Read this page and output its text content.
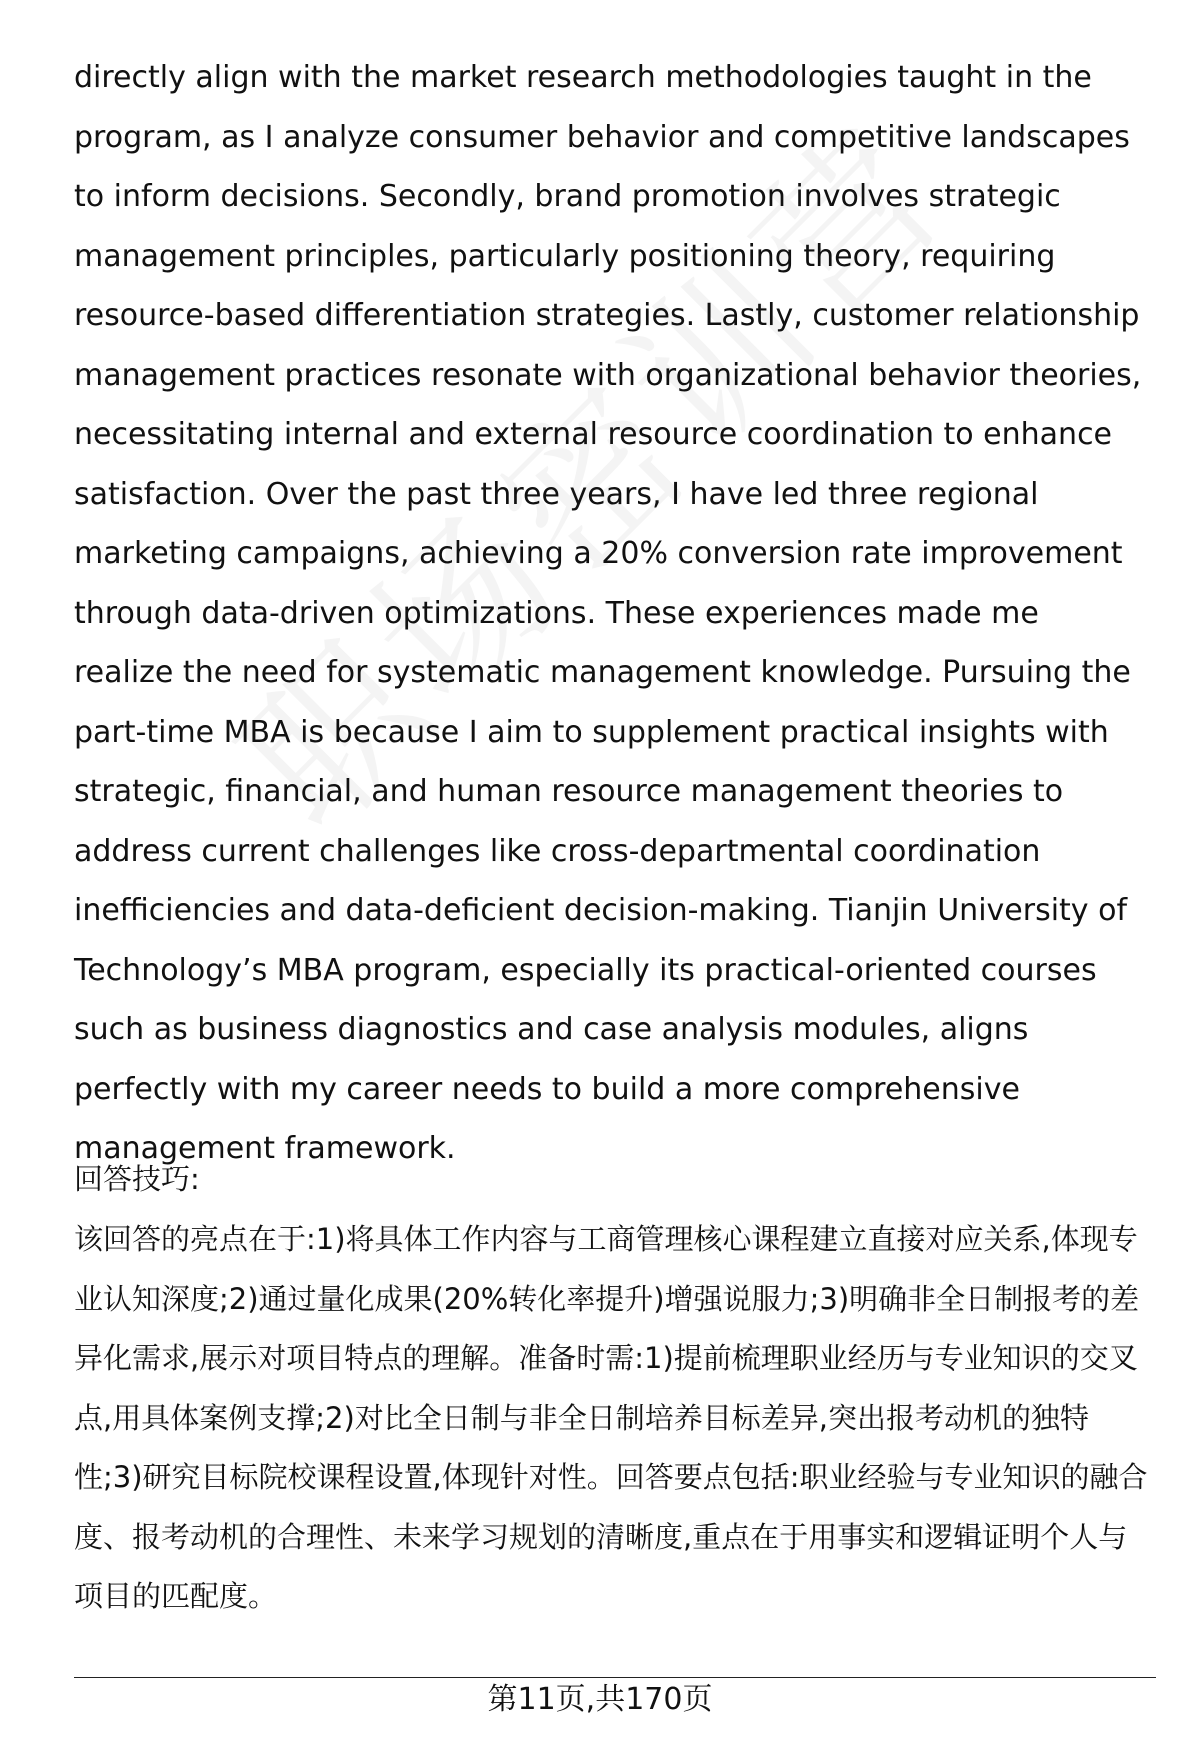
directly align with the market research methodologies taught in the program, as I analyze consumer behavior and competitive landscapes to inform decisions. Secondly, brand promotion involves strategic management principles, particularly positioning theory, requiring resource-based differentiation strategies. Lastly, customer relationship management practices resonate with organizational behavior theories, necessitating internal and external resource coordination to enhance satisfaction. Over the past three years, I have led three regional marketing campaigns, achieving a 20% conversion rate improvement through data-driven optimizations. These experiences made me realize the need for systematic management knowledge. Pursuing the part-time MBA is because I aim to supplement practical insights with strategic, financial, and human resource management theories to address current challenges like cross-departmental coordination inefficiencies and data-deficient decision-making. Tianjin University of Technology’s MBA program, especially its practical-oriented courses such as business diagnostics and case analysis modules, aligns perfectly with my career needs to build a more comprehensive management framework.

回答技巧:

该回答的亮点在于:1)将具体工作内容与工商管理核心课程建立直接对应关系,体现专业认知深度;2)通过量化成果(20%转化率提升)增强说服力;3)明确非全日制报考的差异化需求,展示对项目特点的理解。准备时需:1)提前梳理职业经历与专业知识的交叉点,用具体案例支撑;2)对比全日制与非全日制培养目标差异,突出报考动机的独特性;3)研究目标院校课程设置,体现针对性。回答要点包括:职业经验与专业知识的融合度、报考动机的合理性、未来学习规划的清晰度,重点在于用事实和逻辑证明个人与项目的匹配度。

第11页,共170页
